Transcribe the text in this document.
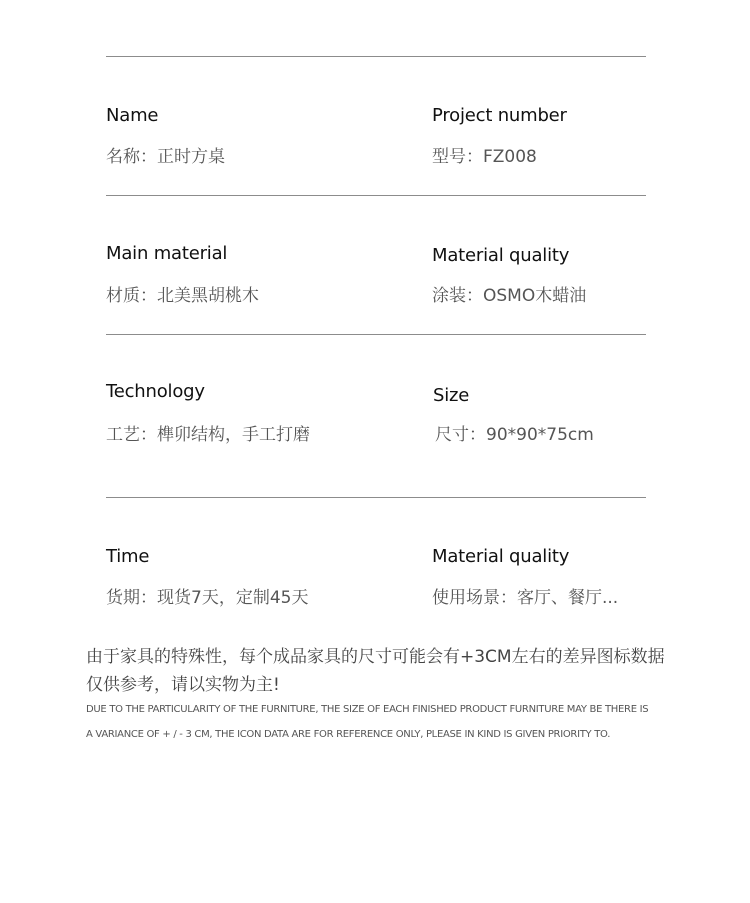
Name
名称：正时方桌
Project number
型号：FZ008
Main material
材质：北美黑胡桃木
Material quality
涂装：OSMO木蜡油
Technology
工艺：榫卯结构，手工打磨
Size
尺寸：90*90*75cm
Time
货期：现货7天，定制45天
Material quality
使用场景：客厅、餐厅...
由于家具的特殊性，每个成品家具的尺寸可能会有+3CM左右的差异图标数据
仅供参考，请以实物为主!
DUE TO THE PARTICULARITY OF THE FURNITURE, THE SIZE OF EACH FINISHED PRODUCT FURNITURE MAY BE THERE IS
A VARIANCE OF + / - 3 CM, THE ICON DATA ARE FOR REFERENCE ONLY, PLEASE IN KIND IS GIVEN PRIORITY TO.
